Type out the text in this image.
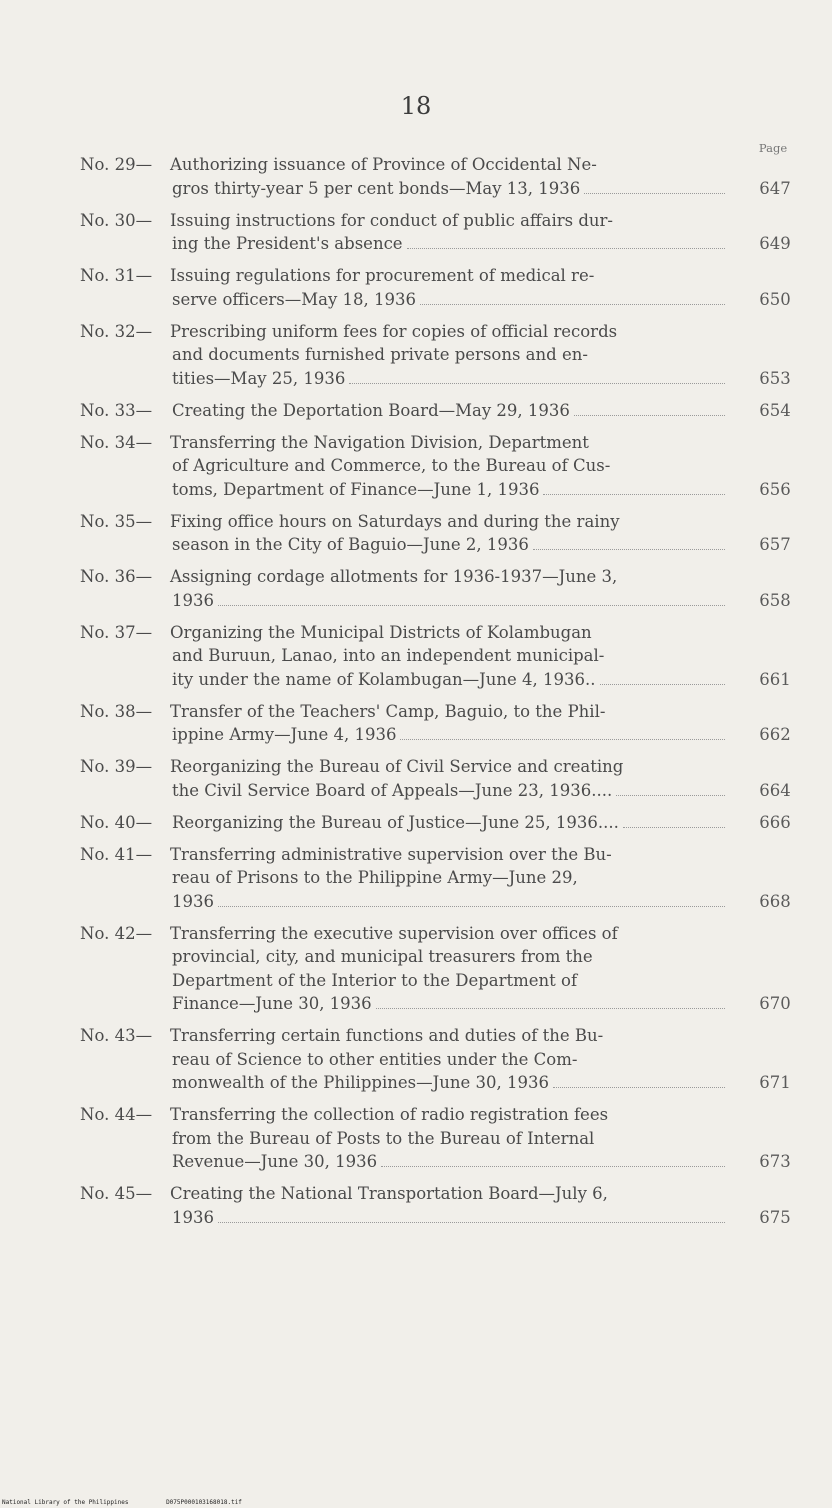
18
Page
No. 29— Authorizing issuance of Province of Occidental Ne-
gros thirty-year 5 per cent bonds—May 13, 1936	647
No. 30— Issuing instructions for conduct of public affairs dur-
ing the President's absence	649
No. 31— Issuing regulations for procurement of medical re-
serve officers—May 18, 1936	650
No. 32— Prescribing uniform fees for copies of official records
and documents furnished private persons and en-
tities—May 25, 1936	653
No. 33— Creating the Deportation Board—May 29, 1936	654
No. 34— Transferring the Navigation Division, Department
of Agriculture and Commerce, to the Bureau of Cus-
toms, Department of Finance—June 1, 1936	656
No. 35— Fixing office hours on Saturdays and during the rainy
season in the City of Baguio—June 2, 1936	657
No. 36— Assigning cordage allotments for 1936-1937—June 3,
1936	658
No. 37— Organizing the Municipal Districts of Kolambugan
and Buruun, Lanao, into an independent municipal-
ity under the name of Kolambugan—June 4, 1936..	661
No. 38— Transfer of the Teachers' Camp, Baguio, to the Phil-
ippine Army—June 4, 1936	662
No. 39— Reorganizing the Bureau of Civil Service and creating
the Civil Service Board of Appeals—June 23, 1936....	664
No. 40— Reorganizing the Bureau of Justice—June 25, 1936....	666
No. 41— Transferring administrative supervision over the Bu-
reau of Prisons to the Philippine Army—June 29,
1936	668
No. 42— Transferring the executive supervision over offices of
provincial, city, and municipal treasurers from the
Department of the Interior to the Department of
Finance—June 30, 1936	670
No. 43— Transferring certain functions and duties of the Bu-
reau of Science to other entities under the Com-
monwealth of the Philippines—June 30, 1936	671
No. 44— Transferring the collection of radio registration fees
from the Bureau of Posts to the Bureau of Internal
Revenue—June 30, 1936	673
No. 45— Creating the National Transportation Board—July 6,
1936	675
National Library of the Philippines	D075P000103168018.tif
